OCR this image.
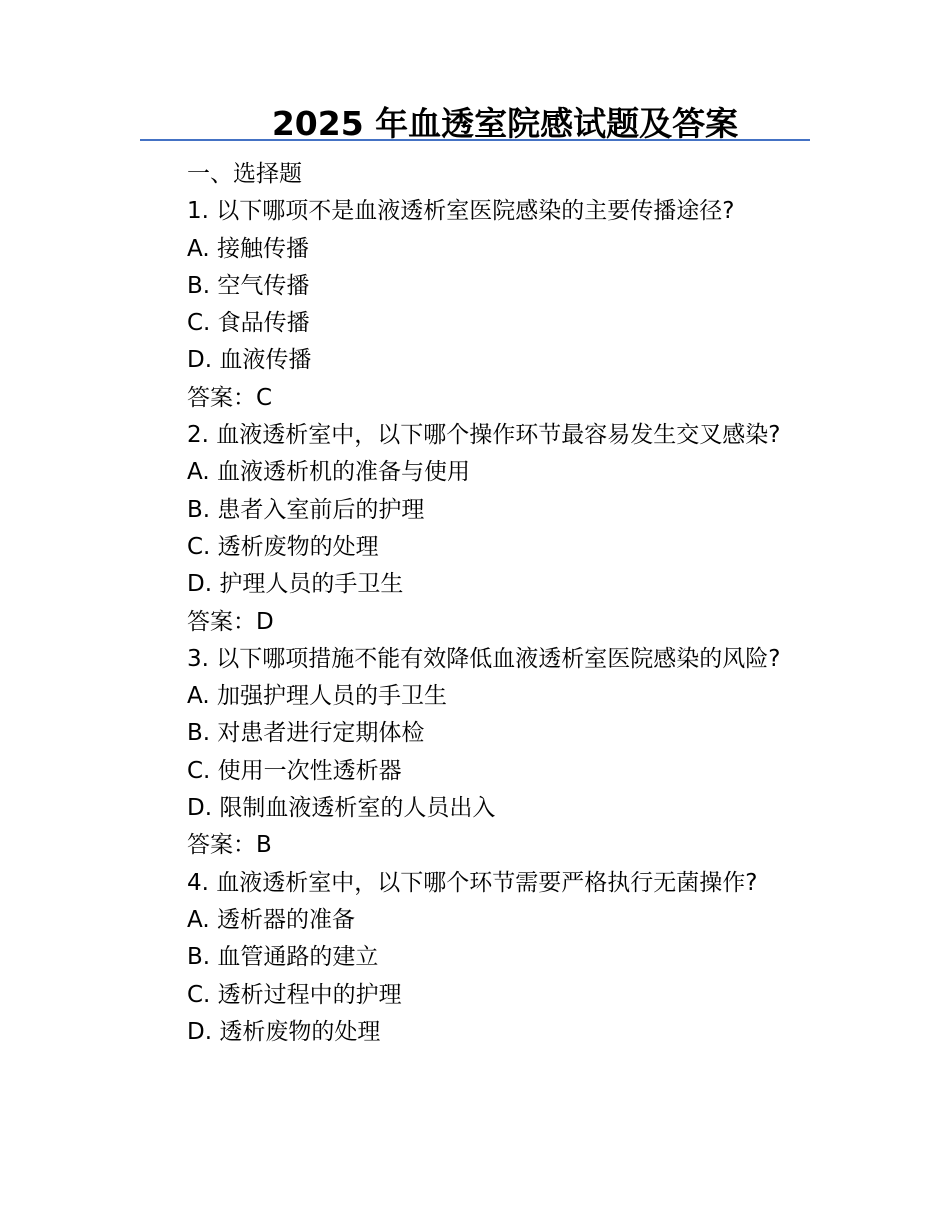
2025 年血透室院感试题及答案
一、选择题
1. 以下哪项不是血液透析室医院感染的主要传播途径?
A. 接触传播
B. 空气传播
C. 食品传播
D. 血液传播
答案：C
2. 血液透析室中，以下哪个操作环节最容易发生交叉感染?
A. 血液透析机的准备与使用
B. 患者入室前后的护理
C. 透析废物的处理
D. 护理人员的手卫生
答案：D
3. 以下哪项措施不能有效降低血液透析室医院感染的风险?
A. 加强护理人员的手卫生
B. 对患者进行定期体检
C. 使用一次性透析器
D. 限制血液透析室的人员出入
答案：B
4. 血液透析室中，以下哪个环节需要严格执行无菌操作?
A. 透析器的准备
B. 血管通路的建立
C. 透析过程中的护理
D. 透析废物的处理
